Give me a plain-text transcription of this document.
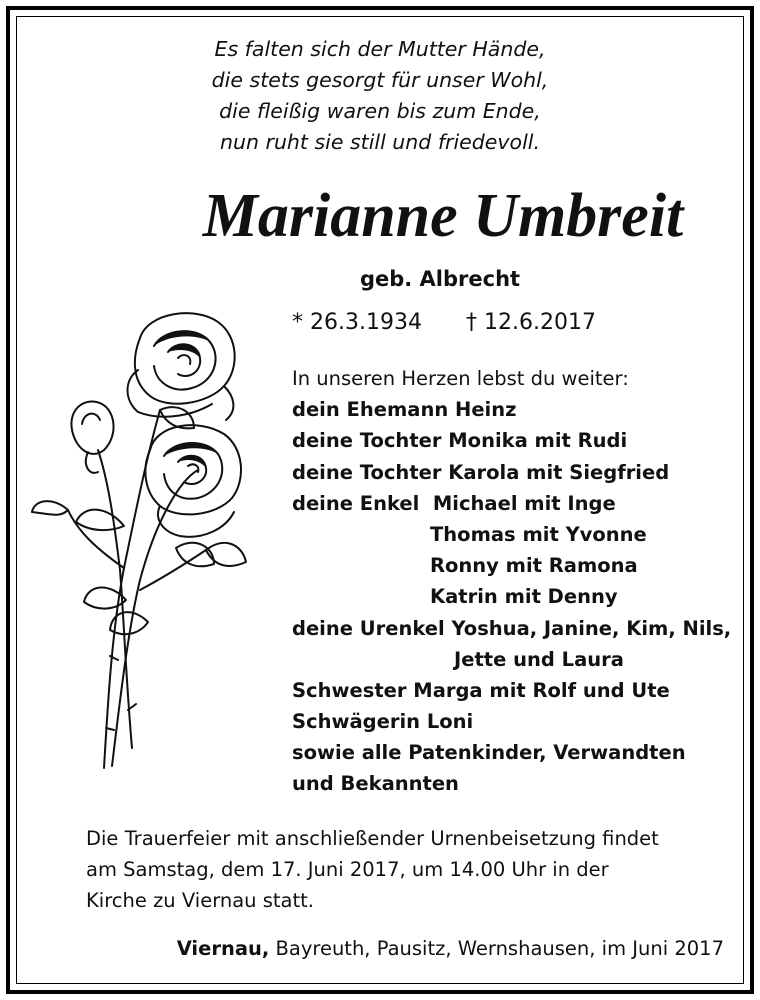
Es falten sich der Mutter Hände,
die stets gesorgt für unser Wohl,
die fleißig waren bis zum Ende,
nun ruht sie still und friedevoll.
Marianne Umbreit
geb. Albrecht
* 26.3.1934 † 12.6.2017
In unseren Herzen lebst du weiter:
dein Ehemann Heinz
deine Tochter Monika mit Rudi
deine Tochter Karola mit Siegfried
deine Enkel  Michael mit Inge
Thomas mit Yvonne
Ronny mit Ramona
Katrin mit Denny
deine Urenkel Yoshua, Janine, Kim, Nils,
Jette und Laura
Schwester Marga mit Rolf und Ute
Schwägerin Loni
sowie alle Patenkinder, Verwandten
und Bekannten
Die Trauerfeier mit anschließender Urnenbeisetzung findet
am Samstag, dem 17. Juni 2017, um 14.00 Uhr in der
Kirche zu Viernau statt.
Viernau, Bayreuth, Pausitz, Wernshausen, im Juni 2017
